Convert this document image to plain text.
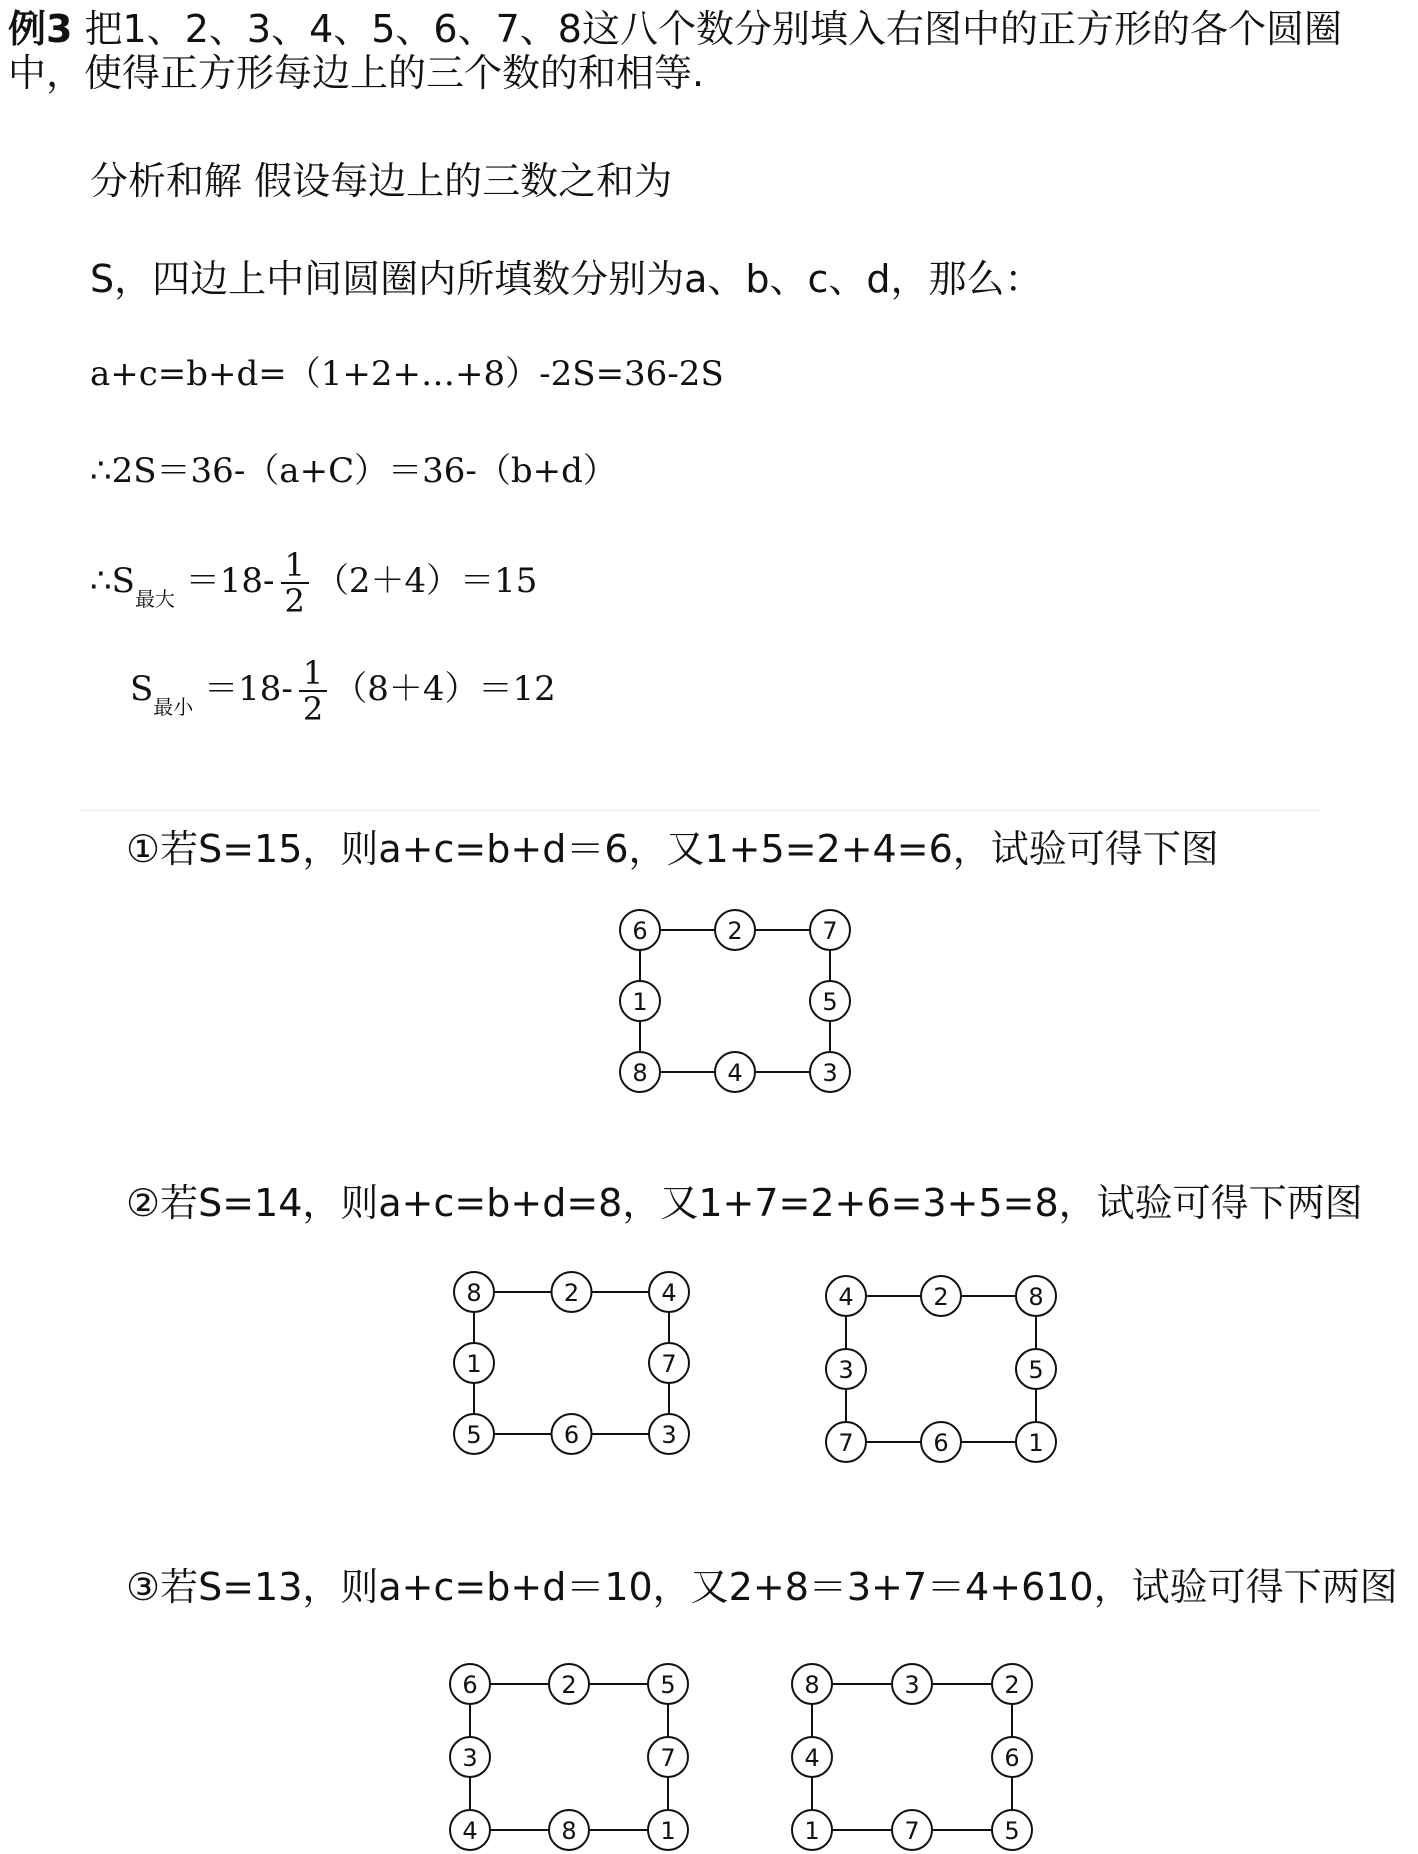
例3 把1、2、3、4、5、6、7、8这八个数分别填入右图中的正方形的各个圆圈
中，使得正方形每边上的三个数的和相等.
分析和解 假设每边上的三数之和为
S，四边上中间圆圈内所填数分别为a、b、c、d，那么：
a+c=b+d=（1+2+…+8）-2S=36-2S
∴2S＝36-（a+C）＝36-（b+d）
$\therefore S_{最大} =18- \frac{1}{2} (2+4)=15$
$S_{最小} =18- \frac{1}{2} (8+4)=12$
①若S=15，则a+c=b+d＝6，又1+5=2+4=6，试验可得下图
②若S=14，则a+c=b+d=8，又1+7=2+6=3+5=8，试验可得下两图
③若S=13，则a+c=b+d＝10，又2+8＝3+7＝4+610，试验可得下两图
6	2	7
1	5
8	4	3
8	2	4
1	7
5	6	3
4	2	8
3	5
7	6	1
6	2	5
3	7
4	8	1
8	3	2
4	6
1	7	5
